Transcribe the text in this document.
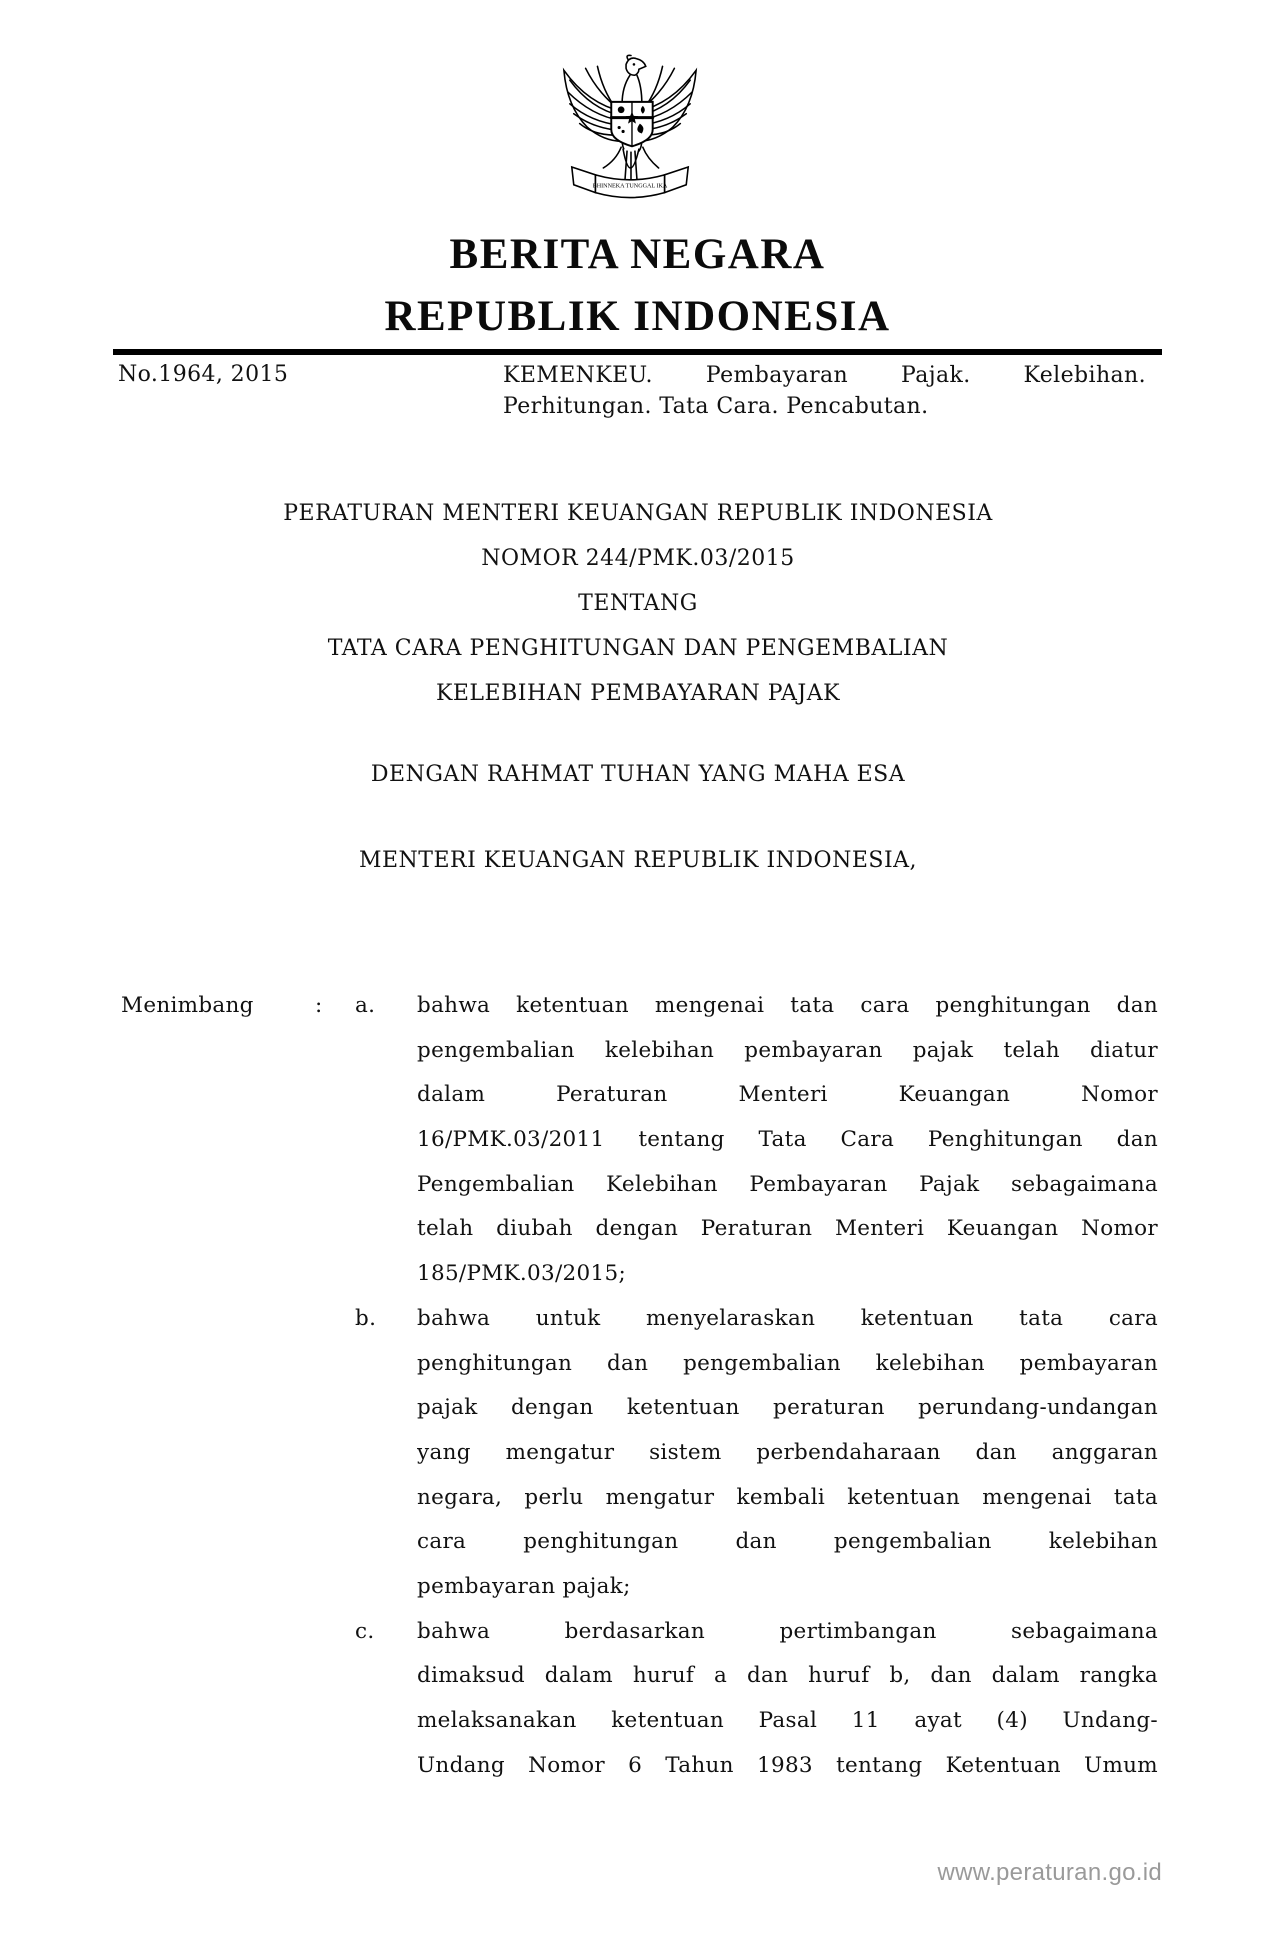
BHINNEKA TUNGGAL IKA
BERITA NEGARA
REPUBLIK INDONESIA
No.1964, 2015	KEMENKEU. Pembayaran Pajak. Kelebihan.
Perhitungan. Tata Cara. Pencabutan.
PERATURAN MENTERI KEUANGAN REPUBLIK INDONESIA
NOMOR 244/PMK.03/2015
TENTANG
TATA CARA PENGHITUNGAN DAN PENGEMBALIAN
KELEBIHAN PEMBAYARAN PAJAK
DENGAN RAHMAT TUHAN YANG MAHA ESA
MENTERI KEUANGAN REPUBLIK INDONESIA,
Menimbang	: a. bahwa ketentuan mengenai tata cara penghitungan dan
pengembalian kelebihan pembayaran pajak telah diatur
dalam Peraturan Menteri Keuangan Nomor
16/PMK.03/2011 tentang Tata Cara Penghitungan dan
Pengembalian Kelebihan Pembayaran Pajak sebagaimana
telah diubah dengan Peraturan Menteri Keuangan Nomor
185/PMK.03/2015;
b. bahwa untuk menyelaraskan ketentuan tata cara
penghitungan dan pengembalian kelebihan pembayaran
pajak dengan ketentuan peraturan perundang-undangan
yang mengatur sistem perbendaharaan dan anggaran
negara, perlu mengatur kembali ketentuan mengenai tata
cara penghitungan dan pengembalian kelebihan
pembayaran pajak;
c. bahwa berdasarkan pertimbangan sebagaimana
dimaksud dalam huruf a dan huruf b, dan dalam rangka
melaksanakan ketentuan Pasal 11 ayat (4) Undang-
Undang Nomor 6 Tahun 1983 tentang Ketentuan Umum
www.peraturan.go.id
